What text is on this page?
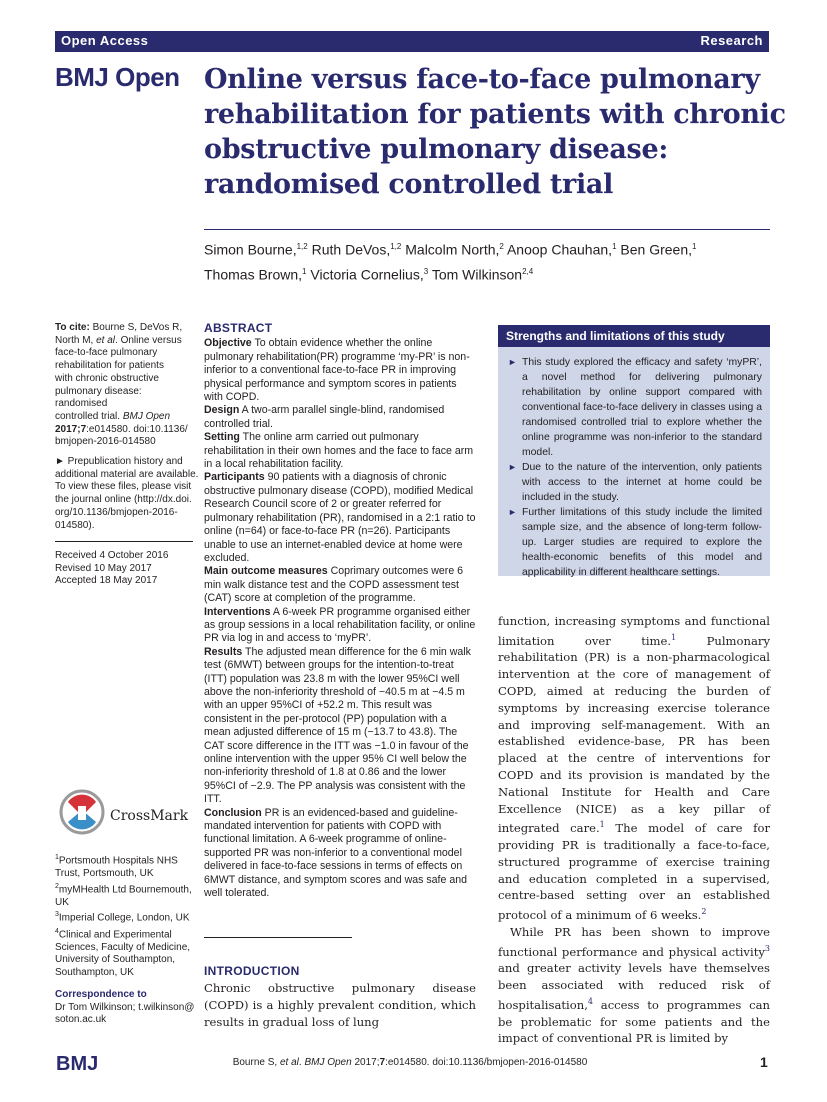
Open Access	Research
BMJ Open Online versus face-to-face pulmonary
rehabilitation for patients with chronic
obstructive pulmonary disease:
randomised controlled trial
Simon Bourne,$^{1,2}$ Ruth DeVos,$^{1,2}$ Malcolm North,$^2$ Anoop Chauhan,$^1$ Ben Green,$^1$
Thomas Brown,$^1$ Victoria Cornelius,$^3$ Tom Wilkinson$^{2,4}$
To cite: Bourne S, DeVos R,
North M, et al. Online versus
face-to-face pulmonary
rehabilitation for patients
with chronic obstructive
pulmonary disease: randomised
controlled trial. BMJ Open
2017;7:e014580. doi:10.1136/
bmjopen-2016-014580
► Prepublication history and
additional material are available.
To view these files, please visit
the journal online (http://dx.doi.
org/10.1136/bmjopen-2016-
014580).
Received 4 October 2016
Revised 10 May 2017
Accepted 18 May 2017
CrossMark
$^1$Portsmouth Hospitals NHS
Trust, Portsmouth, UK
$^2$myMHealth Ltd Bournemouth,
UK
$^3$Imperial College, London, UK
$^4$Clinical and Experimental
Sciences, Faculty of Medicine,
University of Southampton,
Southampton, UK
Correspondence to
Dr Tom Wilkinson; t.wilkinson@
soton.ac.uk
ABSTRACT

Objective To obtain evidence whether the online pulmonary rehabilitation(PR) programme ‘my-PR’ is non-inferior to a conventional face-to-face PR in improving physical performance and symptom scores in patients with COPD.

Design A two-arm parallel single-blind, randomised controlled trial.

Setting The online arm carried out pulmonary rehabilitation in their own homes and the face to face arm in a local rehabilitation facility.

Participants 90 patients with a diagnosis of chronic obstructive pulmonary disease (COPD), modified Medical Research Council score of 2 or greater referred for pulmonary rehabilitation (PR), randomised in a 2:1 ratio to online (n=64) or face-to-face PR (n=26). Participants unable to use an internet-enabled device at home were excluded.

Main outcome measures Coprimary outcomes were 6 min walk distance test and the COPD assessment test (CAT) score at completion of the programme.

Interventions A 6-week PR programme organised either as group sessions in a local rehabilitation facility, or online PR via log in and access to ‘myPR’.

Results The adjusted mean difference for the 6 min walk test (6MWT) between groups for the intention-to-treat (ITT) population was 23.8 m with the lower 95%CI well above the non-inferiority threshold of −40.5 m at −4.5 m with an upper 95%CI of +52.2 m. This result was consistent in the per-protocol (PP) population with a mean adjusted difference of 15 m (−13.7 to 43.8). The CAT score difference in the ITT was −1.0 in favour of the online intervention with the upper 95% CI well below the non-inferiority threshold of 1.8 at 0.86 and the lower 95%CI of −2.9. The PP analysis was consistent with the ITT.

Conclusion PR is an evidenced-based and guideline-mandated intervention for patients with COPD with functional limitation. A 6-week programme of online-supported PR was non-inferior to a conventional model delivered in face-to-face sessions in terms of effects on 6MWT distance, and symptom scores and was safe and well tolerated.

Strengths and limitations of this study
► This study explored the efficacy and safety ‘myPR’, a novel method for delivering pulmonary rehabilitation by online support compared with conventional face-to-face delivery in classes using a randomised controlled trial to explore whether the online programme was non-inferior to the standard model.
► Due to the nature of the intervention, only patients with access to the internet at home could be included in the study.
► Further limitations of this study include the limited sample size, and the absence of long-term follow-up. Larger studies are required to explore the health-economic benefits of this model and applicability in different healthcare settings.
INTRODUCTION

Chronic obstructive pulmonary disease (COPD) is a highly prevalent condition, which results in gradual loss of lung

function, increasing symptoms and functional limitation over time.$^1$ Pulmonary rehabilitation (PR) is a non-pharmacological intervention at the core of management of COPD, aimed at reducing the burden of symptoms by increasing exercise tolerance and improving self-management. With an established evidence-base, PR has been placed at the centre of interventions for COPD and its provision is mandated by the National Institute for Health and Care Excellence (NICE) as a key pillar of integrated care.$^1$ The model of care for providing PR is traditionally a face-to-face, structured programme of exercise training and education completed in a supervised, centre-based setting over an established protocol of a minimum of 6 weeks.$^2$

While PR has been shown to improve functional performance and physical activity$^3$ and greater activity levels have themselves been associated with reduced risk of hospitalisation,$^4$ access to programmes can be problematic for some patients and the impact of conventional PR is limited by

BMJ	Bourne S, et al. BMJ Open 2017;7:e014580. doi:10.1136/bmjopen-2016-014580	1
